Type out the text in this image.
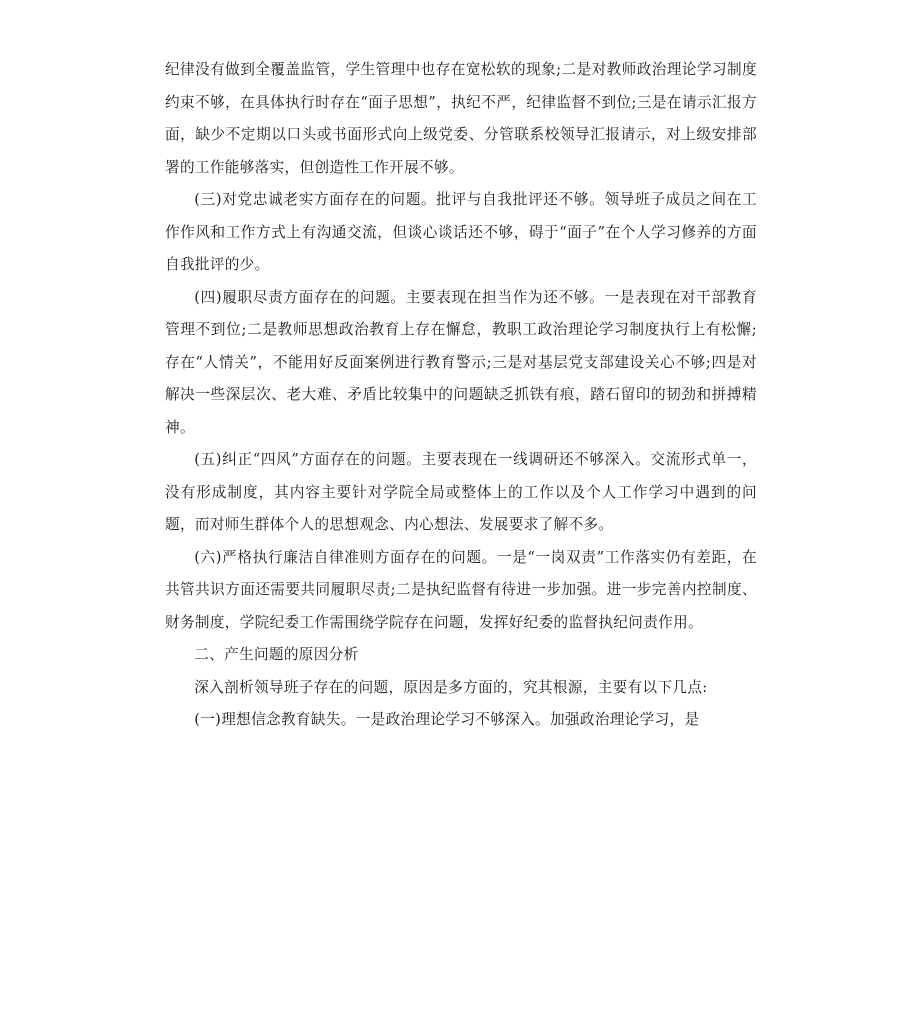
纪律没有做到全覆盖监管，学生管理中也存在宽松软的现象;二是对教师政治理论学习制度约束不够，在具体执行时存在“面子思想”，执纪不严，纪律监督不到位;三是在请示汇报方面，缺少不定期以口头或书面形式向上级党委、分管联系校领导汇报请示，对上级安排部署的工作能够落实，但创造性工作开展不够。

(三)对党忠诚老实方面存在的问题。批评与自我批评还不够。领导班子成员之间在工作作风和工作方式上有沟通交流，但谈心谈话还不够，碍于“面子”在个人学习修养的方面自我批评的少。

(四)履职尽责方面存在的问题。主要表现在担当作为还不够。一是表现在对干部教育管理不到位;二是教师思想政治教育上存在懈怠，教职工政治理论学习制度执行上有松懈;存在“人情关”，不能用好反面案例进行教育警示;三是对基层党支部建设关心不够;四是对解决一些深层次、老大难、矛盾比较集中的问题缺乏抓铁有痕，踏石留印的韧劲和拼搏精神。

(五)纠正“四风”方面存在的问题。主要表现在一线调研还不够深入。交流形式单一，没有形成制度，其内容主要针对学院全局或整体上的工作以及个人工作学习中遇到的问题，而对师生群体个人的思想观念、内心想法、发展要求了解不多。

(六)严格执行廉洁自律准则方面存在的问题。一是“一岗双责”工作落实仍有差距，在共管共识方面还需要共同履职尽责;二是执纪监督有待进一步加强。进一步完善内控制度、财务制度，学院纪委工作需围绕学院存在问题，发挥好纪委的监督执纪问责作用。

二、产生问题的原因分析

深入剖析领导班子存在的问题，原因是多方面的，究其根源，主要有以下几点:

(一)理想信念教育缺失。一是政治理论学习不够深入。加强政治理论学习，是
